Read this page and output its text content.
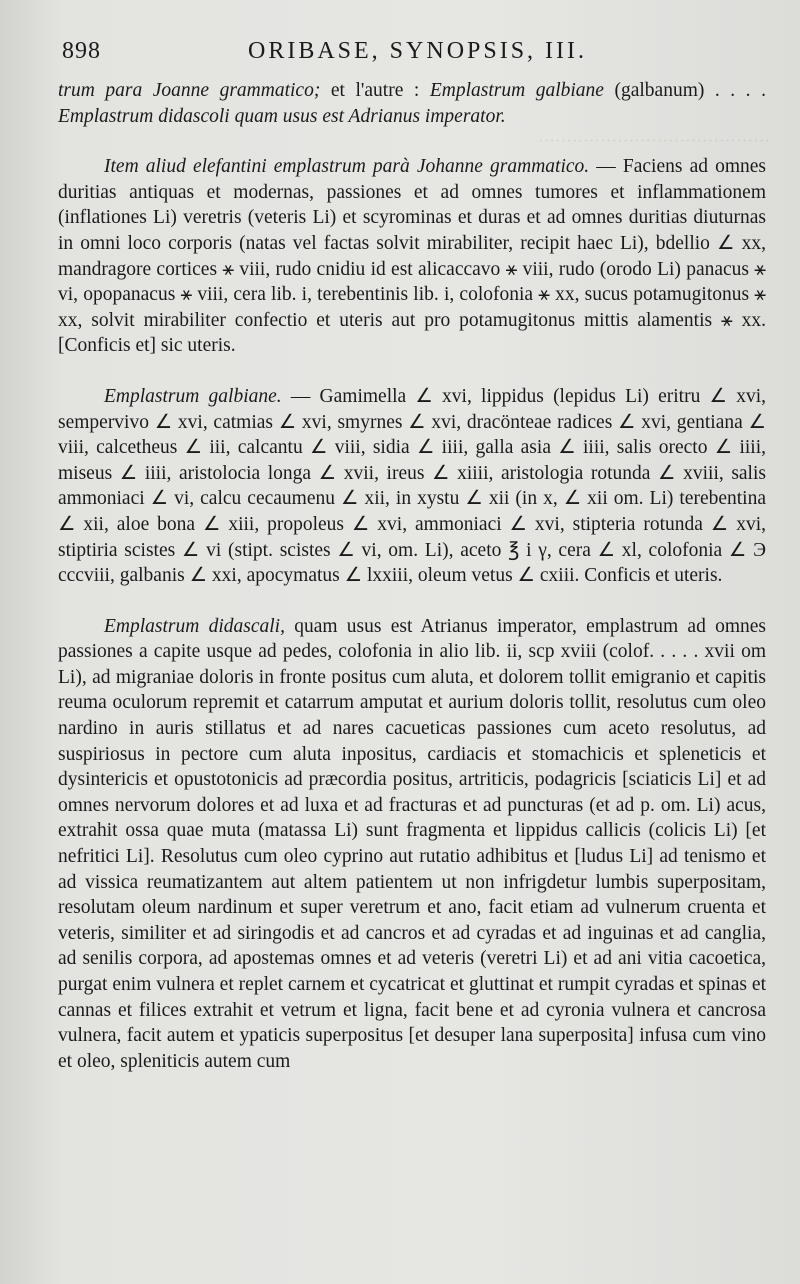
·········································
898	ORIBASE, SYNOPSIS, III.

trum para Joanne grammatico; et l'autre : Emplastrum galbiane (galbanum) . . . . Emplastrum didascoli quam usus est Adrianus imperator.

Item aliud elefantini emplastrum parà Johanne grammatico. — Faciens ad omnes duritias antiquas et modernas, passiones et ad omnes tumores et inflammationem (inflationes Li) veretris (veteris Li) et scyrominas et duras et ad omnes duritias diuturnas in omni loco corporis (natas vel factas solvit mirabiliter, recipit haec Li), bdellio ∠ xx, mandragore cortices ⚹ viii, rudo cnidiu id est alicaccavo ⚹ viii, rudo (orodo Li) panacus ⚹ vi, opopanacus ⚹ viii, cera lib. i, terebentinis lib. i, colofonia ⚹ xx, sucus potamugitonus ⚹ xx, solvit mirabiliter confectio et uteris aut pro potamugitonus mittis alamentis ⚹ xx. [Conficis et] sic uteris.

Emplastrum galbiane. — Gamimella ∠ xvi, lippidus (lepidus Li) eritru ∠ xvi, sempervivo ∠ xvi, catmias ∠ xvi, smyrnes ∠ xvi, dracönteae radices ∠ xvi, gentiana ∠ viii, calcetheus ∠ iii, calcantu ∠ viii, sidia ∠ iiii, galla asia ∠ iiii, salis orecto ∠ iiii, miseus ∠ iiii, aristolocia longa ∠ xvii, ireus ∠ xiiii, aristologia rotunda ∠ xviii, salis ammoniaci ∠ vi, calcu cecaumenu ∠ xii, in xystu ∠ xii (in x, ∠ xii om. Li) terebentina ∠ xii, aloe bona ∠ xiii, propoleus ∠ xvi, ammoniaci ∠ xvi, stipteria rotunda ∠ xvi, stiptiria scistes ∠ vi (stipt. scistes ∠ vi, om. Li), aceto ℥ i γ, cera ∠ xl, colofonia ∠ Э cccviii, galbanis ∠ xxi, apocymatus ∠ lxxiii, oleum vetus ∠ cxiii. Conficis et uteris.

Emplastrum didascali, quam usus est Atrianus imperator, emplastrum ad omnes passiones a capite usque ad pedes, colofonia in alio lib. ii, scp xviii (colof. . . . . xvii om Li), ad migraniae doloris in fronte positus cum aluta, et dolorem tollit emigranio et capitis reuma oculorum repremit et catarrum amputat et aurium doloris tollit, resolutus cum oleo nardino in auris stillatus et ad nares cacueticas passiones cum aceto resolutus, ad suspiriosus in pectore cum aluta inpositus, cardiacis et stomachicis et spleneticis et dysintericis et opustotonicis ad præcordia positus, artriticis, podagricis [sciaticis Li] et ad omnes nervorum dolores et ad luxa et ad fracturas et ad puncturas (et ad p. om. Li) acus, extrahit ossa quae muta (matassa Li) sunt fragmenta et lippidus callicis (colicis Li) [et nefritici Li]. Resolutus cum oleo cyprino aut rutatio adhibitus et [ludus Li] ad tenismo et ad vissica reumatizantem aut altem patientem ut non infrigdetur lumbis superpositam, resolutam oleum nardinum et super veretrum et ano, facit etiam ad vulnerum cruenta et veteris, similiter et ad siringodis et ad cancros et ad cyradas et ad inguinas et ad canglia, ad senilis corpora, ad apostemas omnes et ad veteris (veretri Li) et ad ani vitia cacoetica, purgat enim vulnera et replet carnem et cycatricat et gluttinat et rumpit cyradas et spinas et cannas et filices extrahit et vetrum et ligna, facit bene et ad cyronia vulnera et cancrosa vulnera, facit autem et ypaticis superpositus [et desuper lana superposita] infusa cum vino et oleo, spleniticis autem cum
